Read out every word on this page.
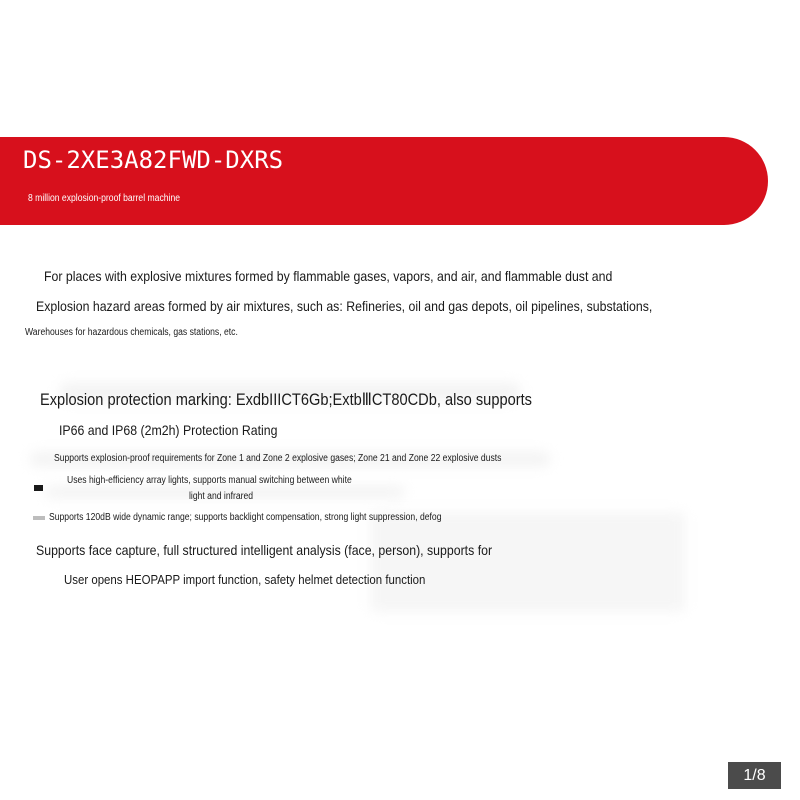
DS-2XE3A82FWD-DXRS
8 million explosion-proof barrel machine
For places with explosive mixtures formed by flammable gases, vapors, and air, and flammable dust and
Explosion hazard areas formed by air mixtures, such as: Refineries, oil and gas depots, oil pipelines, substations,
Warehouses for hazardous chemicals, gas stations, etc.
Explosion protection marking: ExdbIIICT6Gb;ExtbⅢCT80CDb, also supports
IP66 and IP68 (2m2h) Protection Rating
Supports explosion-proof requirements for Zone 1 and Zone 2 explosive gases; Zone 21 and Zone 22 explosive dusts
Uses high-efficiency array lights, supports manual switching between white
light and infrared
Supports 120dB wide dynamic range; supports backlight compensation, strong light suppression, defog
Supports face capture, full structured intelligent analysis (face, person), supports for
User opens HEOPAPP import function, safety helmet detection function
1/8
